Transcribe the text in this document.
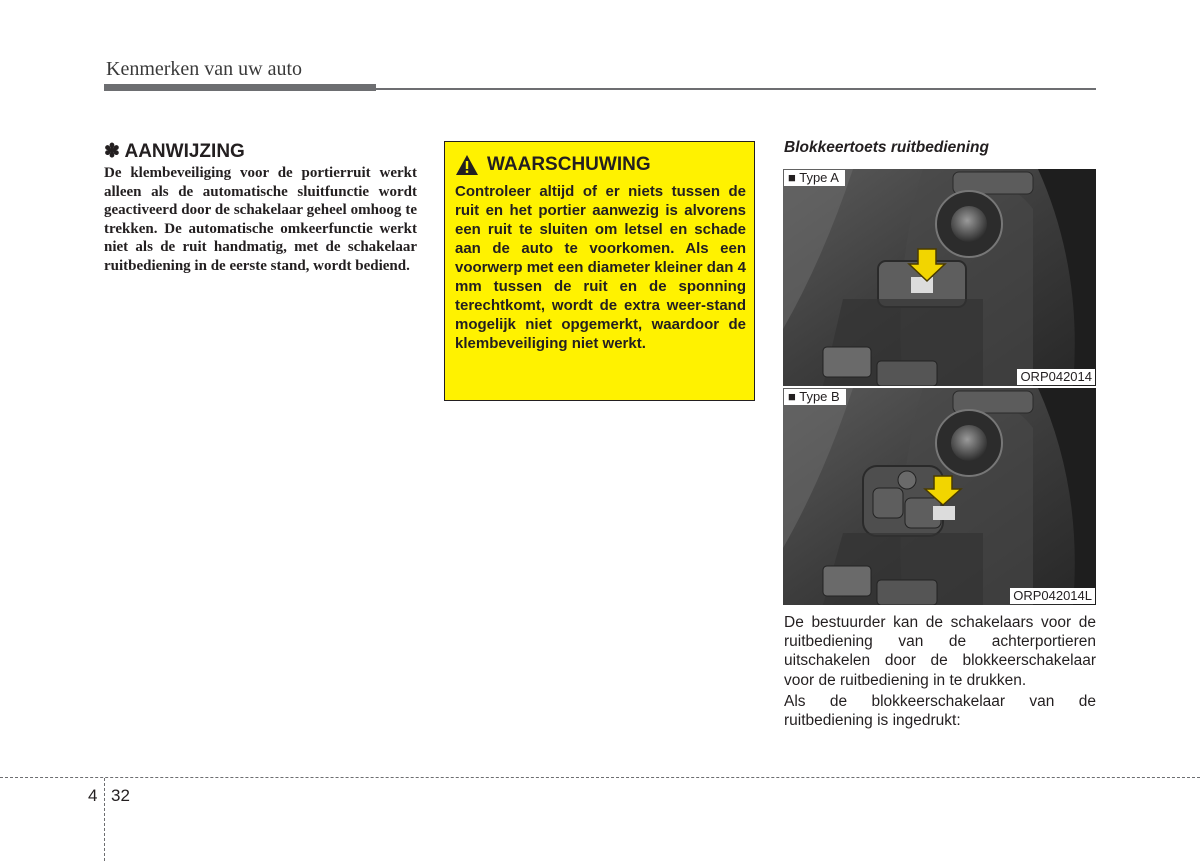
Kenmerken van uw auto
✽ AANWIJZING
De klembeveiliging voor de portierruit werkt alleen als de automatische sluitfunctie wordt geactiveerd door de schakelaar geheel omhoog te trekken. De automatische omkeerfunctie werkt niet als de ruit handmatig, met de schakelaar ruitbediening in de eerste stand, wordt bediend.
WAARSCHUWING
Controleer altijd of er niets tussen de ruit en het portier aanwezig is alvorens een ruit te sluiten om letsel en schade aan de auto te voorkomen. Als een voorwerp met een diameter kleiner dan 4 mm tussen de ruit en de sponning terechtkomt, wordt de extra weer-stand mogelijk niet opgemerkt, waardoor de klembeveiliging niet werkt.
Blokkeertoets ruitbediening
■ Type A
ORP042014
■ Type B
ORP042014L

De bestuurder kan de schakelaars voor de ruitbediening van de achterportieren uitschakelen door de blokkeerschakelaar voor de ruitbediening in te drukken.

Als de blokkeerschakelaar van de ruitbediening is ingedrukt:

4 32
